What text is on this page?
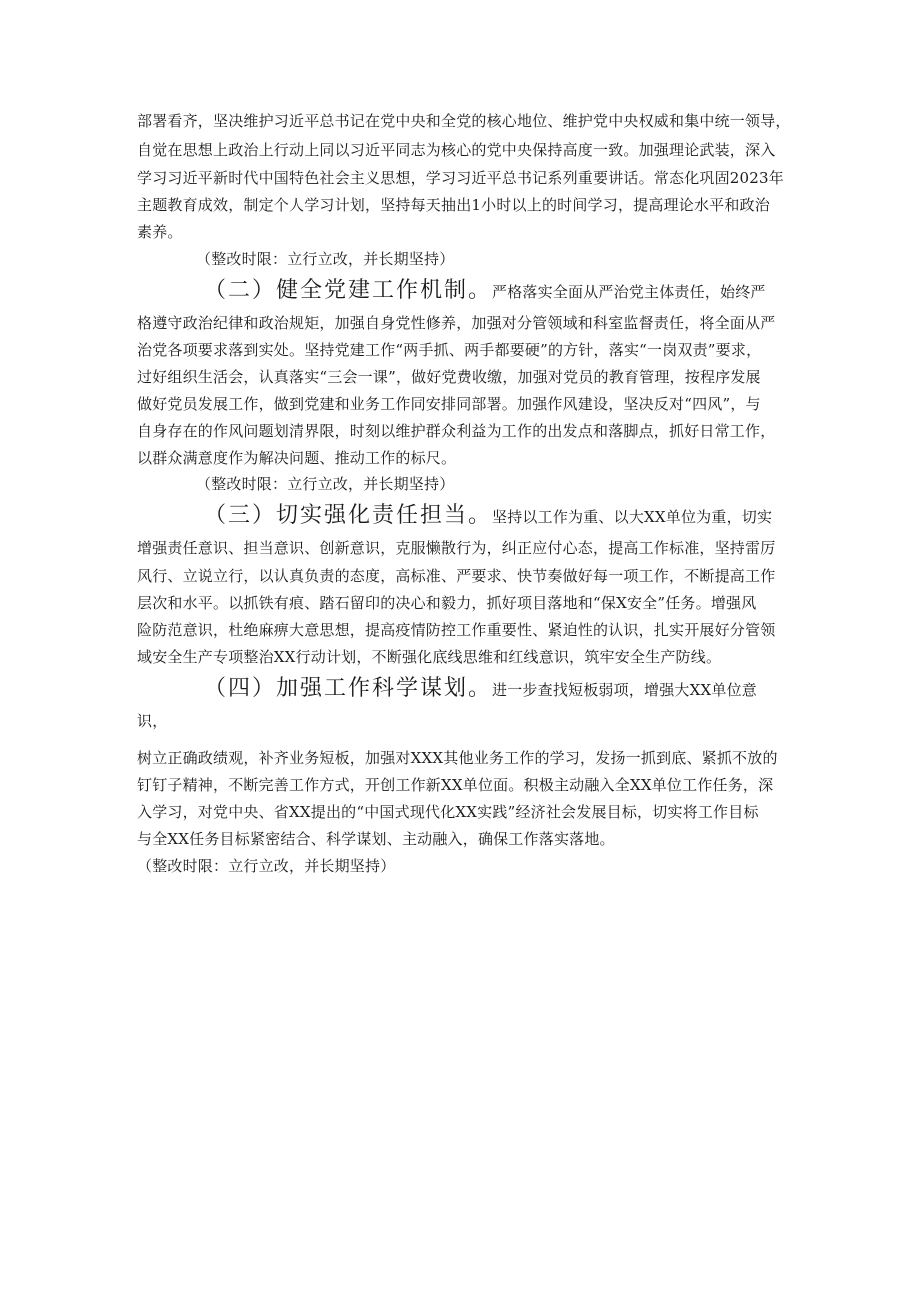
部署看齐，坚决维护习近平总书记在党中央和全党的核心地位、维护党中央权威和集中统一领导，
自觉在思想上政治上行动上同以习近平同志为核心的党中央保持高度一致。加强理论武装，深入
学习习近平新时代中国特色社会主义思想，学习习近平总书记系列重要讲话。常态化巩固2023年
主题教育成效，制定个人学习计划，坚持每天抽出1小时以上的时间学习，提高理论水平和政治
素养。
（整改时限：立行立改，并长期坚持）
（二）健全党建工作机制。严格落实全面从严治党主体责任，始终严
格遵守政治纪律和政治规矩，加强自身党性修养，加强对分管领域和科室监督责任，将全面从严
治党各项要求落到实处。坚持党建工作“两手抓、两手都要硬”的方针，落实“一岗双责”要求，
过好组织生活会，认真落实“三会一课”，做好党费收缴，加强对党员的教育管理，按程序发展
做好党员发展工作，做到党建和业务工作同安排同部署。加强作风建设，坚决反对“四风”，与
自身存在的作风问题划清界限，时刻以维护群众利益为工作的出发点和落脚点，抓好日常工作，
以群众满意度作为解决问题、推动工作的标尺。
（整改时限：立行立改，并长期坚持）
（三）切实强化责任担当。坚持以工作为重、以大XX单位为重，切实
增强责任意识、担当意识、创新意识，克服懒散行为，纠正应付心态，提高工作标准，坚持雷厉
风行、立说立行，以认真负责的态度，高标准、严要求、快节奏做好每一项工作，不断提高工作
层次和水平。以抓铁有痕、踏石留印的决心和毅力，抓好项目落地和“保X安全”任务。增强风
险防范意识，杜绝麻痹大意思想，提高疫情防控工作重要性、紧迫性的认识，扎实开展好分管领
域安全生产专项整治XX行动计划，不断强化底线思维和红线意识，筑牢安全生产防线。
（四）加强工作科学谋划。进一步查找短板弱项，增强大XX单位意
识，
树立正确政绩观，补齐业务短板，加强对XXX其他业务工作的学习，发扬一抓到底、紧抓不放的
钉钉子精神，不断完善工作方式，开创工作新XX单位面。积极主动融入全XX单位工作任务，深
入学习，对党中央、省XX提出的“中国式现代化XX实践”经济社会发展目标，切实将工作目标
与全XX任务目标紧密结合、科学谋划、主动融入，确保工作落实落地。
（整改时限：立行立改，并长期坚持）
